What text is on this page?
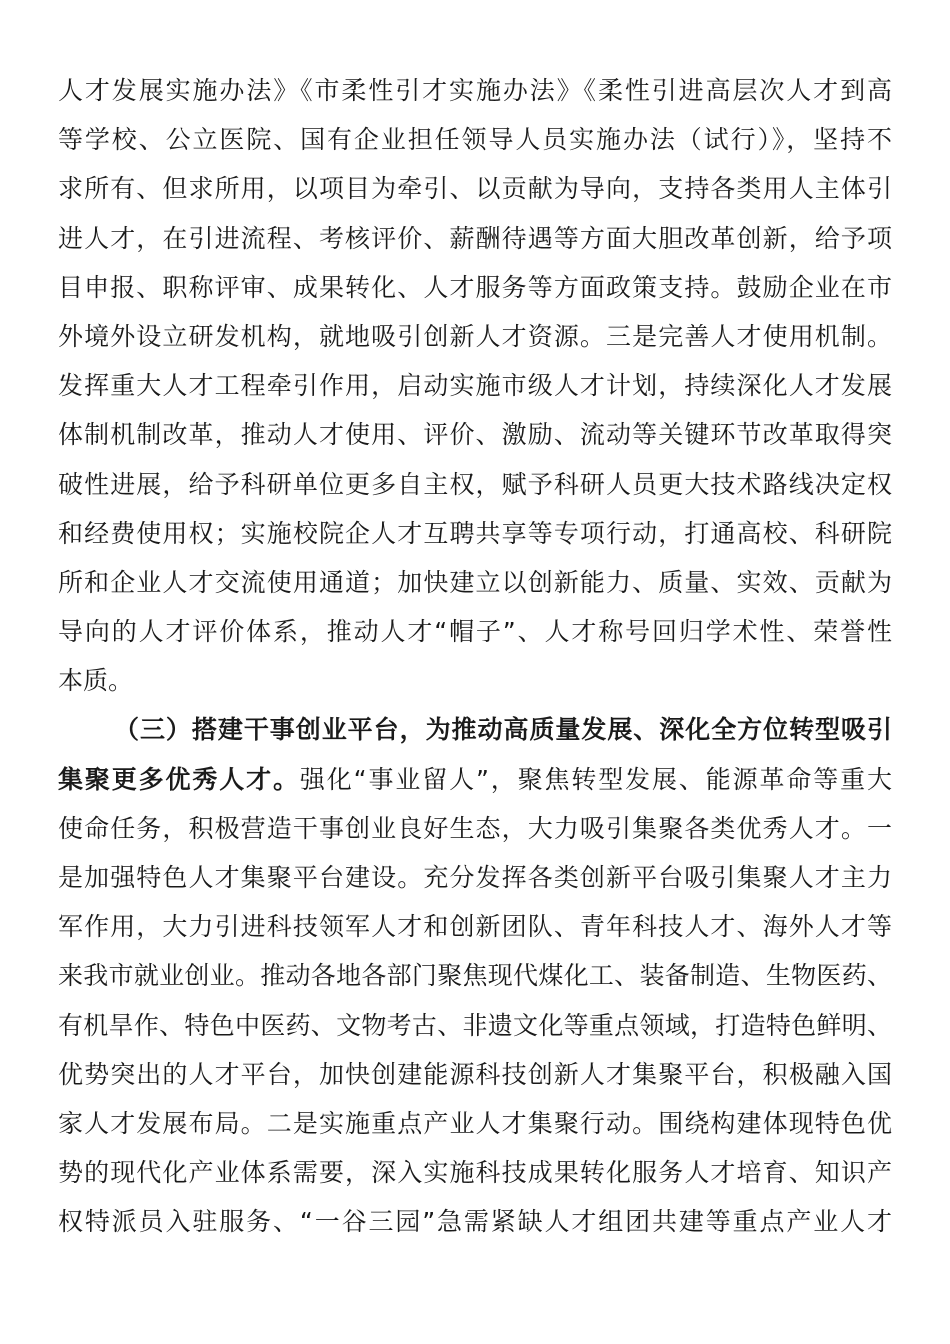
人才发展实施办法》《市柔性引才实施办法》《柔性引进高层次人才到高
等学校、公立医院、国有企业担任领导人员实施办法（试行）》，坚持不
求所有、但求所用，以项目为牵引、以贡献为导向，支持各类用人主体引
进人才，在引进流程、考核评价、薪酬待遇等方面大胆改革创新，给予项
目申报、职称评审、成果转化、人才服务等方面政策支持。鼓励企业在市
外境外设立研发机构，就地吸引创新人才资源。三是完善人才使用机制。
发挥重大人才工程牵引作用，启动实施市级人才计划，持续深化人才发展
体制机制改革，推动人才使用、评价、激励、流动等关键环节改革取得突
破性进展，给予科研单位更多自主权，赋予科研人员更大技术路线决定权
和经费使用权；实施校院企人才互聘共享等专项行动，打通高校、科研院
所和企业人才交流使用通道；加快建立以创新能力、质量、实效、贡献为
导向的人才评价体系，推动人才“帽子”、人才称号回归学术性、荣誉性
本质。
（三）搭建干事创业平台，为推动高质量发展、深化全方位转型吸引
集聚更多优秀人才。强化“事业留人”，聚焦转型发展、能源革命等重大
使命任务，积极营造干事创业良好生态，大力吸引集聚各类优秀人才。一
是加强特色人才集聚平台建设。充分发挥各类创新平台吸引集聚人才主力
军作用，大力引进科技领军人才和创新团队、青年科技人才、海外人才等
来我市就业创业。推动各地各部门聚焦现代煤化工、装备制造、生物医药、
有机旱作、特色中医药、文物考古、非遗文化等重点领域，打造特色鲜明、
优势突出的人才平台，加快创建能源科技创新人才集聚平台，积极融入国
家人才发展布局。二是实施重点产业人才集聚行动。围绕构建体现特色优
势的现代化产业体系需要，深入实施科技成果转化服务人才培育、知识产
权特派员入驻服务、“一谷三园”急需紧缺人才组团共建等重点产业人才
